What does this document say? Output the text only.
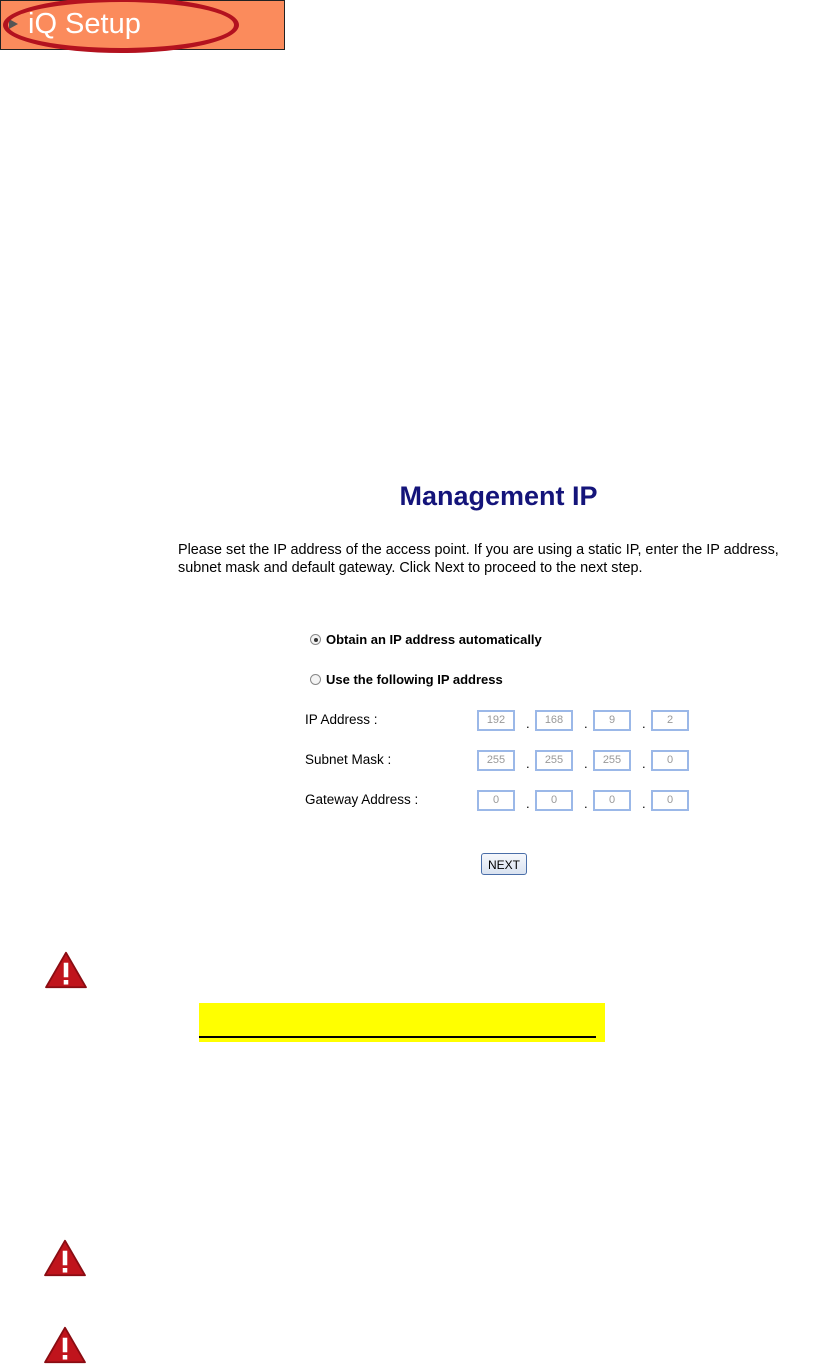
iQ Setup
Management IP
Please set the IP address of the access point. If you are using a static IP, enter the IP address, subnet mask and default gateway. Click Next to proceed to the next step.
Obtain an IP address automatically
Use the following IP address
IP Address :	192	.	168	.	9	.	2
Subnet Mask :	255	.	255	.	255	.	0
Gateway Address :	0	.	0	.	0	.	0
NEXT
